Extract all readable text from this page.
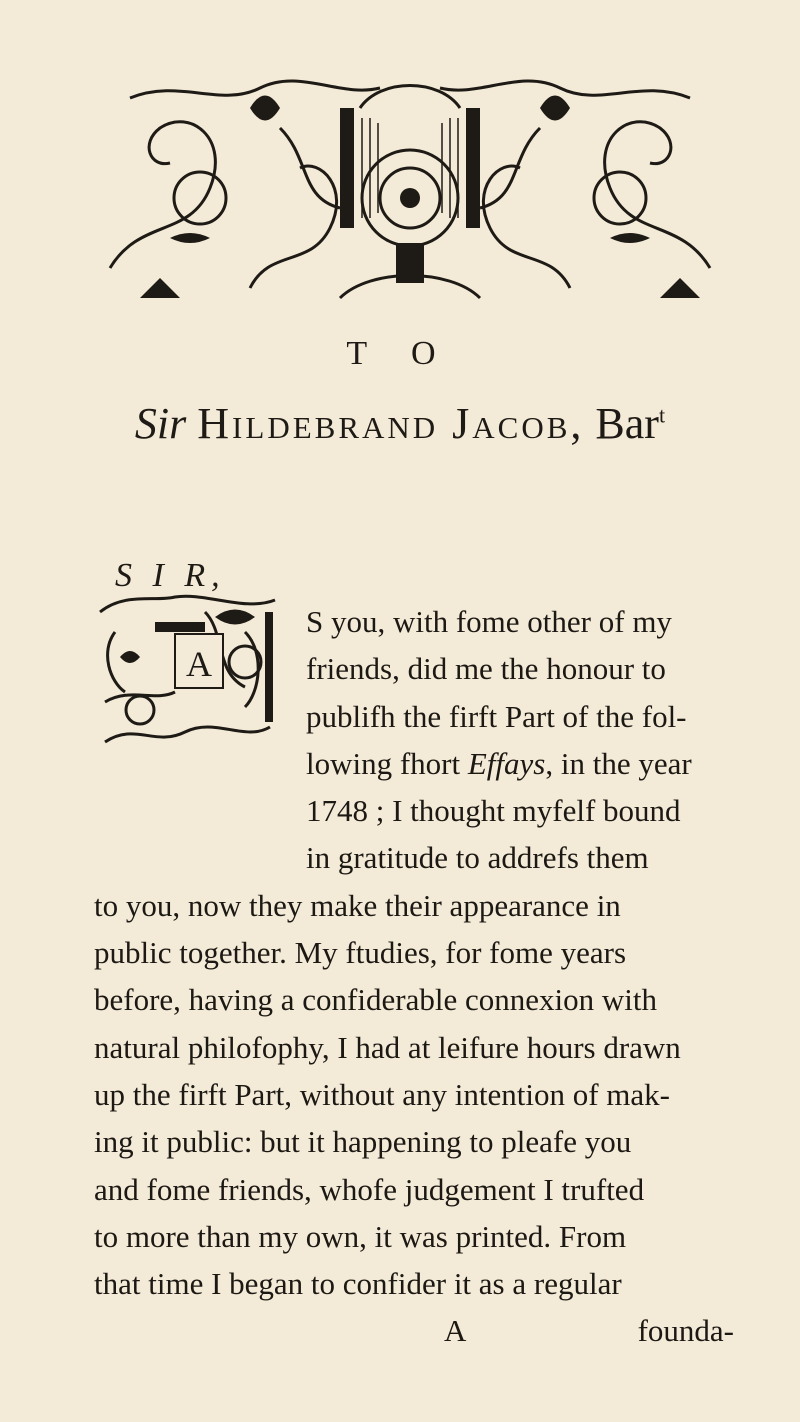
T O
Sir Hildebrand Jacob, Bar$^t$
S I R,
A
S you, with fome other of my
friends, did me the honour to
publifh the firft Part of the fol-
lowing fhort Effays, in the year
1748 ; I thought myfelf bound
in gratitude to addrefs them
to you, now they make their appearance in
public together. My ftudies, for fome years
before, having a confiderable connexion with
natural philofophy, I had at leifure hours drawn
up the firft Part, without any intention of mak-
ing it public: but it happening to pleafe you
and fome friends, whofe judgement I trufted
to more than my own, it was printed. From
that time I began to confider it as a regular
A	founda-
